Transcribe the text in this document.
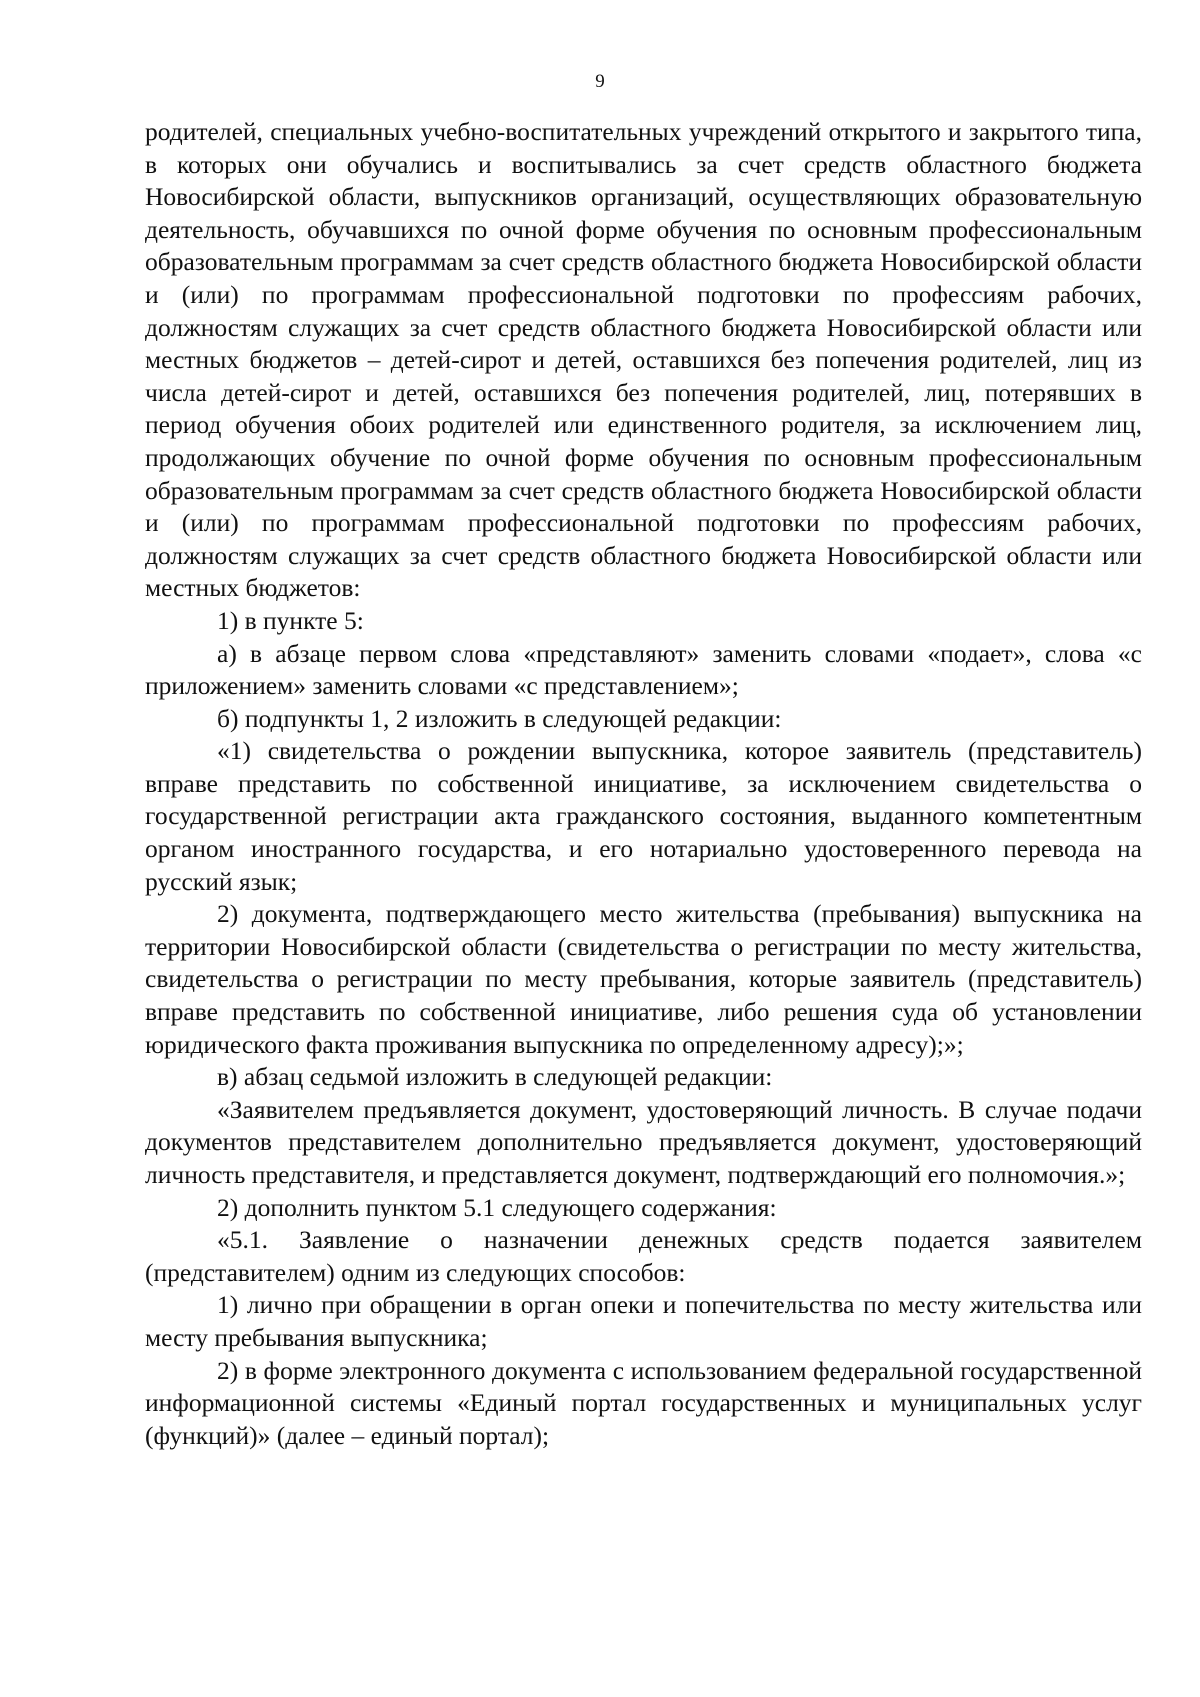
9

родителей, специальных учебно-воспитательных учреждений открытого и закрытого типа, в которых они обучались и воспитывались за счет средств областного бюджета Новосибирской области, выпускников организаций, осуществляющих образовательную деятельность, обучавшихся по очной форме обучения по основным профессиональным образовательным программам за счет средств областного бюджета Новосибирской области и (или) по программам профессиональной подготовки по профессиям рабочих, должностям служащих за счет средств областного бюджета Новосибирской области или местных бюджетов – детей-сирот и детей, оставшихся без попечения родителей, лиц из числа детей-сирот и детей, оставшихся без попечения родителей, лиц, потерявших в период обучения обоих родителей или единственного родителя, за исключением лиц, продолжающих обучение по очной форме обучения по основным профессиональным образовательным программам за счет средств областного бюджета Новосибирской области и (или) по программам профессиональной подготовки по профессиям рабочих, должностям служащих за счет средств областного бюджета Новосибирской области или местных бюджетов:

1) в пункте 5:

а) в абзаце первом слова «представляют» заменить словами «подает», слова «с приложением» заменить словами «с представлением»;

б) подпункты 1, 2 изложить в следующей редакции:

«1) свидетельства о рождении выпускника, которое заявитель (представитель) вправе представить по собственной инициативе, за исключением свидетельства о государственной регистрации акта гражданского состояния, выданного компетентным органом иностранного государства, и его нотариально удостоверенного перевода на русский язык;

2) документа, подтверждающего место жительства (пребывания) выпускника на территории Новосибирской области (свидетельства о регистрации по месту жительства, свидетельства о регистрации по месту пребывания, которые заявитель (представитель) вправе представить по собственной инициативе, либо решения суда об установлении юридического факта проживания выпускника по определенному адресу);»;

в) абзац седьмой изложить в следующей редакции:

«Заявителем предъявляется документ, удостоверяющий личность. В случае подачи документов представителем дополнительно предъявляется документ, удостоверяющий личность представителя, и представляется документ, подтверждающий его полномочия.»;

2) дополнить пунктом 5.1 следующего содержания:

«5.1. Заявление о назначении денежных средств подается заявителем (представителем) одним из следующих способов:

1) лично при обращении в орган опеки и попечительства по месту жительства или месту пребывания выпускника;

2) в форме электронного документа с использованием федеральной государственной информационной системы «Единый портал государственных и муниципальных услуг (функций)» (далее – единый портал);
